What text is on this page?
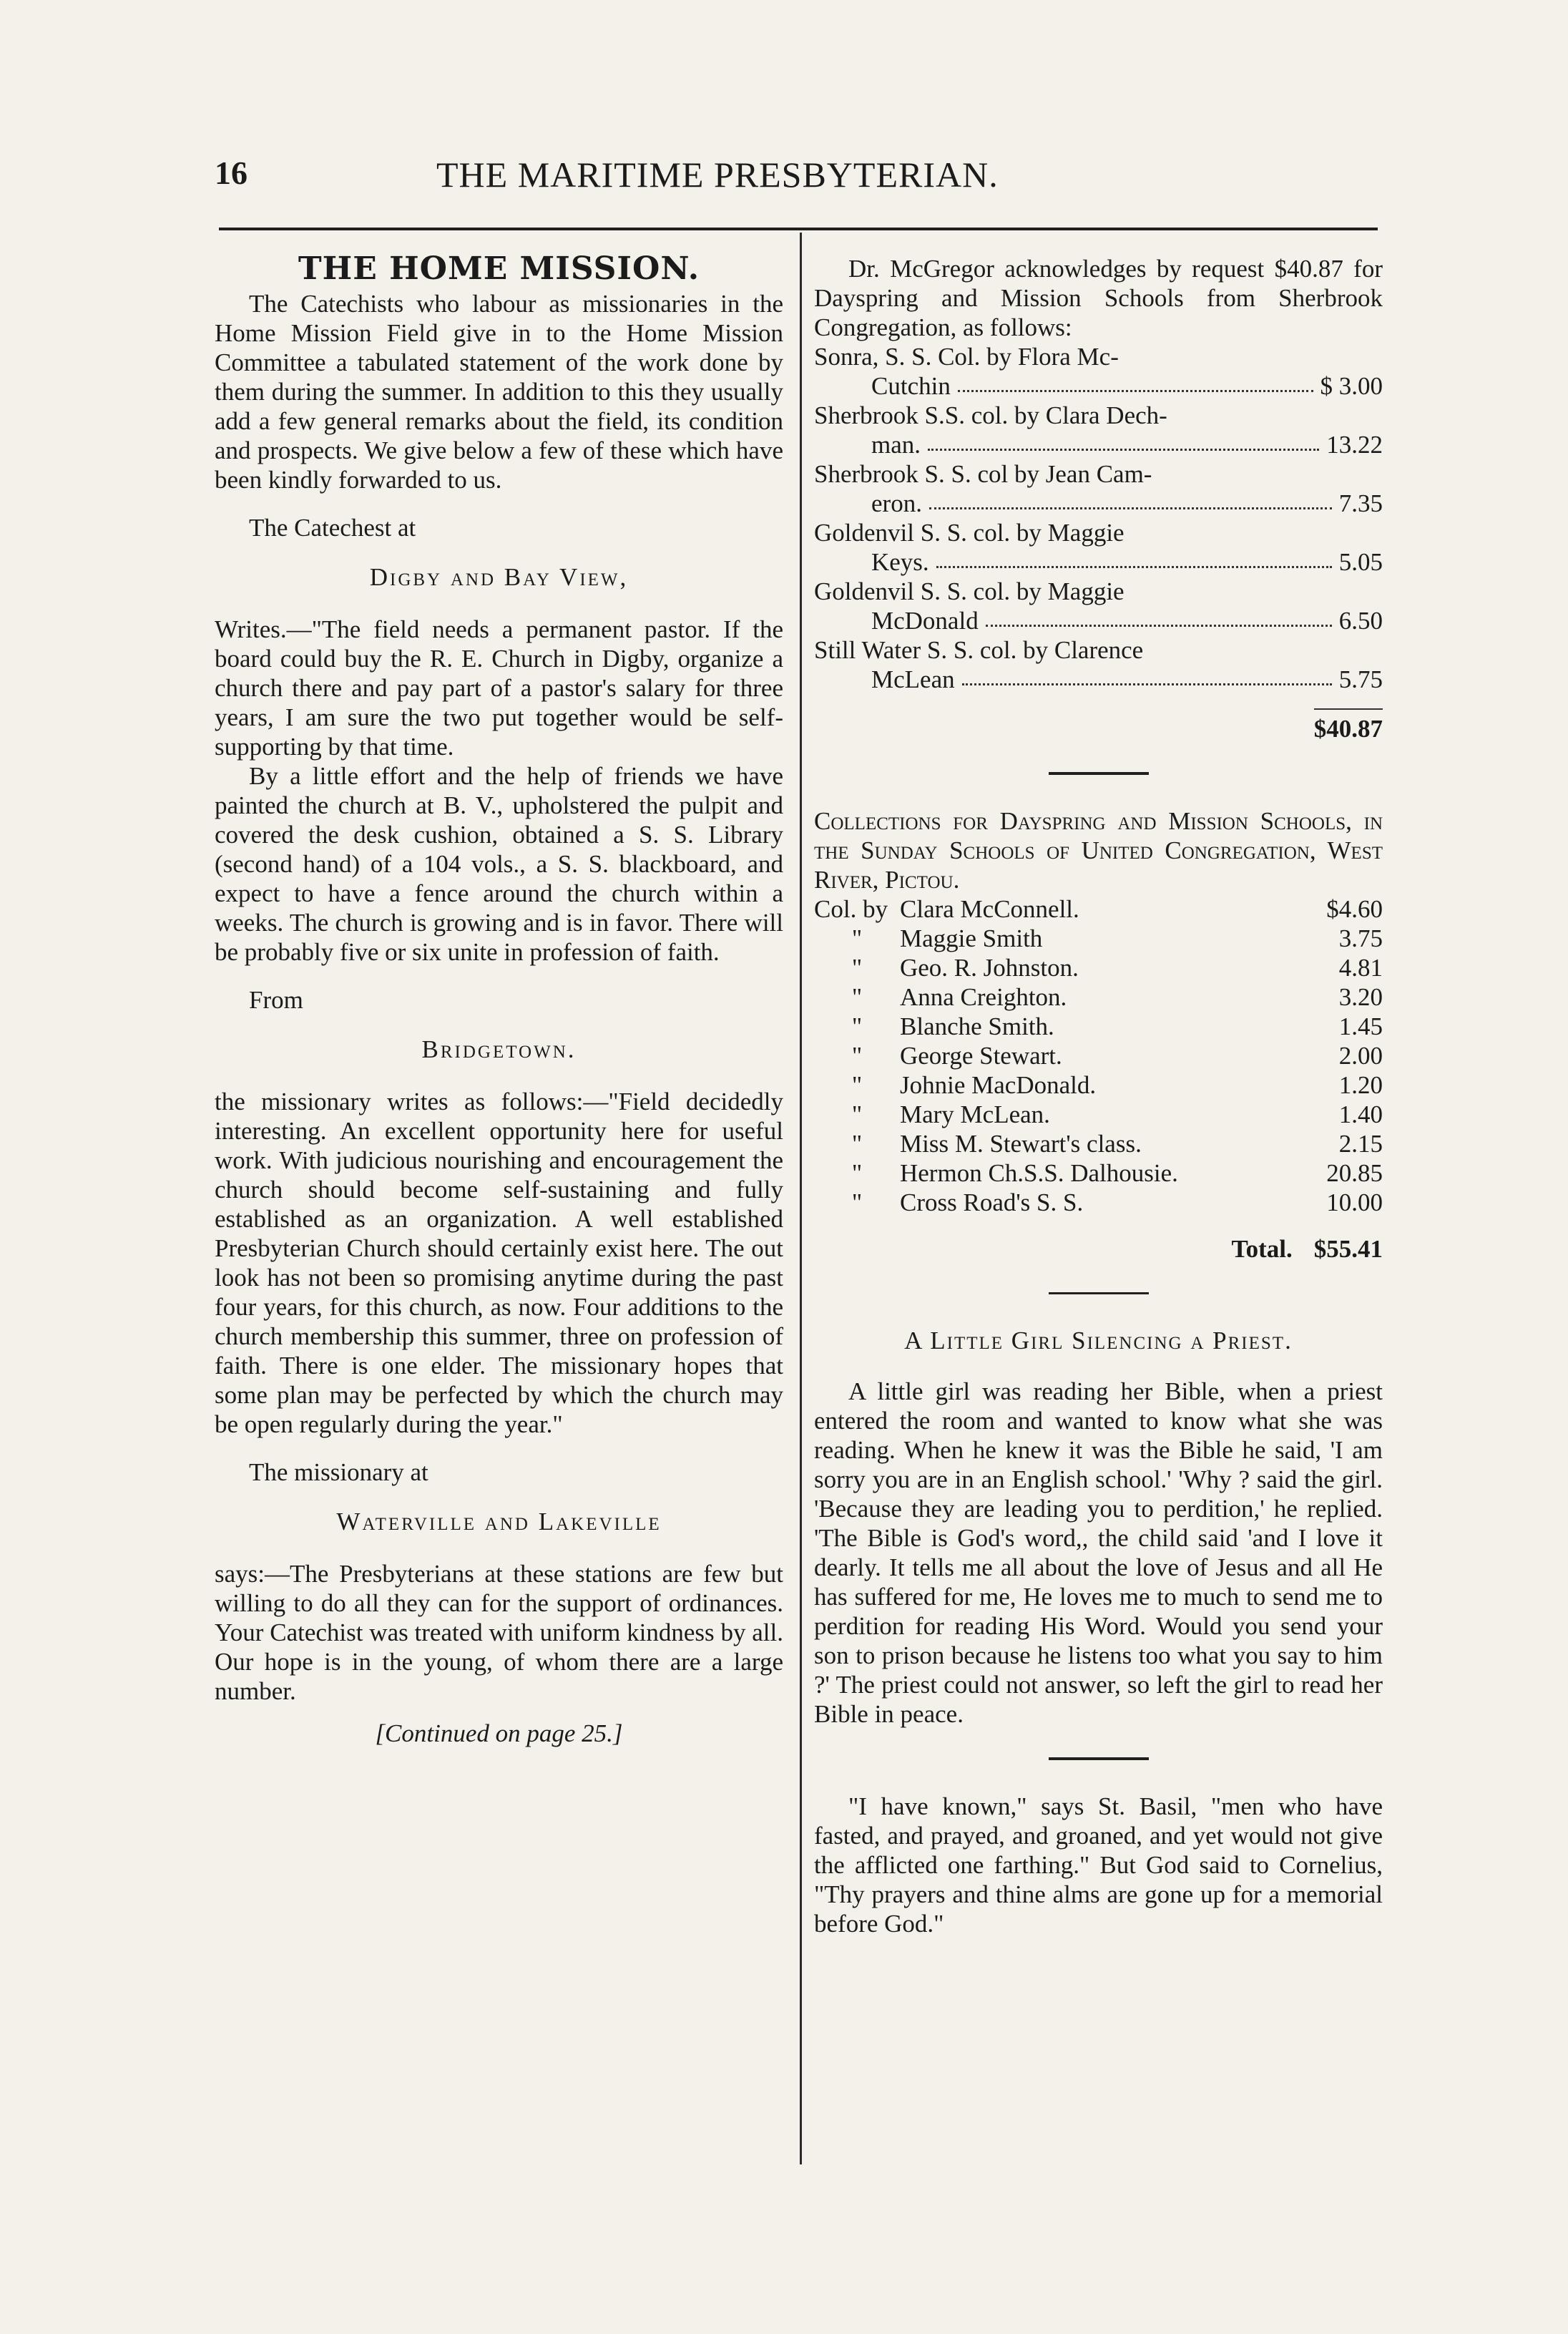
16	THE MARITIME PRESBYTERIAN.
THE HOME MISSION.

The Catechists who labour as missionaries in the Home Mission Field give in to the Home Mission Committee a tabulated statement of the work done by them during the summer. In addition to this they usually add a few general remarks about the field, its condition and prospects. We give below a few of these which have been kindly forwarded to us.

The Catechest at

Digby and Bay View,

Writes.—"The field needs a permanent pastor. If the board could buy the R. E. Church in Digby, organize a church there and pay part of a pastor's salary for three years, I am sure the two put together would be self-supporting by that time.

By a little effort and the help of friends we have painted the church at B. V., upholstered the pulpit and covered the desk cushion, obtained a S. S. Library (second hand) of a 104 vols., a S. S. blackboard, and expect to have a fence around the church within a weeks. The church is growing and is in favor. There will be probably five or six unite in profession of faith.

From

Bridgetown.

the missionary writes as follows:—"Field decidedly interesting. An excellent opportunity here for useful work. With judicious nourishing and encouragement the church should become self-sustaining and fully established as an organization. A well established Presbyterian Church should certainly exist here. The out look has not been so promising anytime during the past four years, for this church, as now. Four additions to the church membership this summer, three on profession of faith. There is one elder. The missionary hopes that some plan may be perfected by which the church may be open regularly during the year."

The missionary at

Waterville and Lakeville

says:—The Presbyterians at these stations are few but willing to do all they can for the support of ordinances. Your Catechist was treated with uniform kindness by all. Our hope is in the young, of whom there are a large number.

[Continued on page 25.]

Dr. McGregor acknowledges by request $40.87 for Dayspring and Mission Schools from Sherbrook Congregation, as follows:

Sonra, S. S. Col. by Flora Mc-
Cutchin	$ 3.00
Sherbrook S.S. col. by Clara Dech-
man.	13.22
Sherbrook S. S. col by Jean Cam-
eron.	7.35
Goldenvil S. S. col. by Maggie
Keys.	5.05
Goldenvil S. S. col. by Maggie
McDonald	6.50
Still Water S. S. col. by Clarence
McLean	5.75
$40.87

Collections for Dayspring and Mission Schools, in the Sunday Schools of United Congregation, West River, Pictou.

Col. by Clara McConnell.	$4.60
"	Maggie Smith	3.75
"	Geo. R. Johnston.	4.81
"	Anna Creighton.	3.20
"	Blanche Smith.	1.45
"	George Stewart.	2.00
"	Johnie MacDonald.	1.20
"	Mary McLean.	1.40
"	Miss M. Stewart's class.	2.15
"	Hermon Ch.S.S. Dalhousie.	20.85
"	Cross Road's S. S.	10.00
Total. $55.41

A Little Girl Silencing a Priest.

A little girl was reading her Bible, when a priest entered the room and wanted to know what she was reading. When he knew it was the Bible he said, 'I am sorry you are in an English school.' 'Why ? said the girl. 'Because they are leading you to perdition,' he replied. 'The Bible is God's word,, the child said 'and I love it dearly. It tells me all about the love of Jesus and all He has suffered for me, He loves me to much to send me to perdition for reading His Word. Would you send your son to prison because he listens too what you say to him ?' The priest could not answer, so left the girl to read her Bible in peace.

"I have known," says St. Basil, "men who have fasted, and prayed, and groaned, and yet would not give the afflicted one farthing." But God said to Cornelius, "Thy prayers and thine alms are gone up for a memorial before God."
